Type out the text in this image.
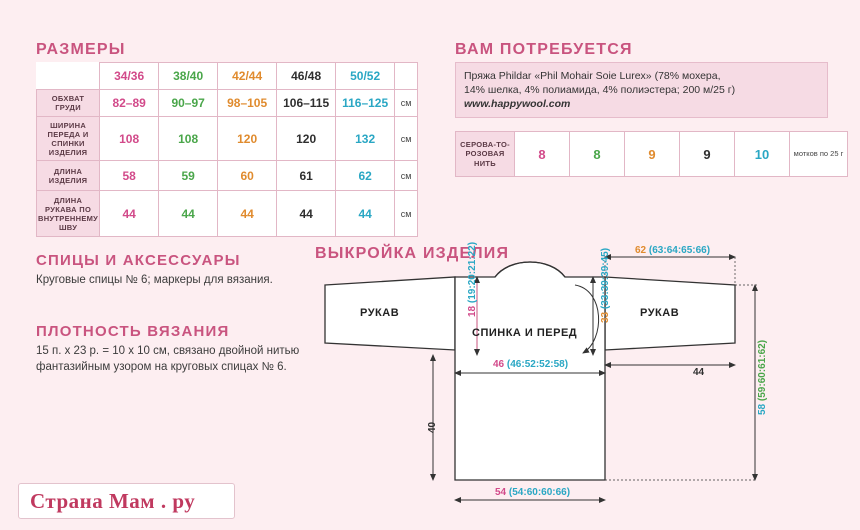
РАЗМЕРЫ
	34/36	38/40	42/44	46/48	50/52	
ОБХВАТ ГРУДИ	82–89	90–97	98–105	106–115	116–125	см
ШИРИНА ПЕРЕДА И СПИНКИ ИЗДЕЛИЯ	108	108	120	120	132	см
ДЛИНА ИЗДЕЛИЯ	58	59	60	61	62	см
ДЛИНА РУКАВА ПО ВНУТРЕННЕМУ ШВУ	44	44	44	44	44	см
СПИЦЫ И АКСЕССУАРЫ
Круговые спицы № 6; маркеры для вязания.
ПЛОТНОСТЬ ВЯЗАНИЯ
15 п. х 23 р. = 10 х 10 см, связано двойной нитью фантазийным узором на круговых спицах № 6.
ВАМ ПОТРЕБУЕТСЯ
Пряжа Phildar «Phil Mohair Soie Lurex» (78% мохера,
14% шелка, 4% полиамида, 4% полиэстера; 200 м/25 г)
www.happywool.com
СЕРОВА-ТО-РОЗОВАЯ НИТЬ	8	8	9	9	10	мотков по 25 г
ВЫКРОЙКА ИЗДЕЛИЯ
РУКАВ	РУКАВ
СПИНКА И ПЕРЕД
62 (63:64:65:66)
18 (19:20:21:22)
33 (33:39:39:45)
46 (46:52:52:58)
44
40
54 (54:60:60:66)
58 (59:60:61:62)
Страна Мам . ру
